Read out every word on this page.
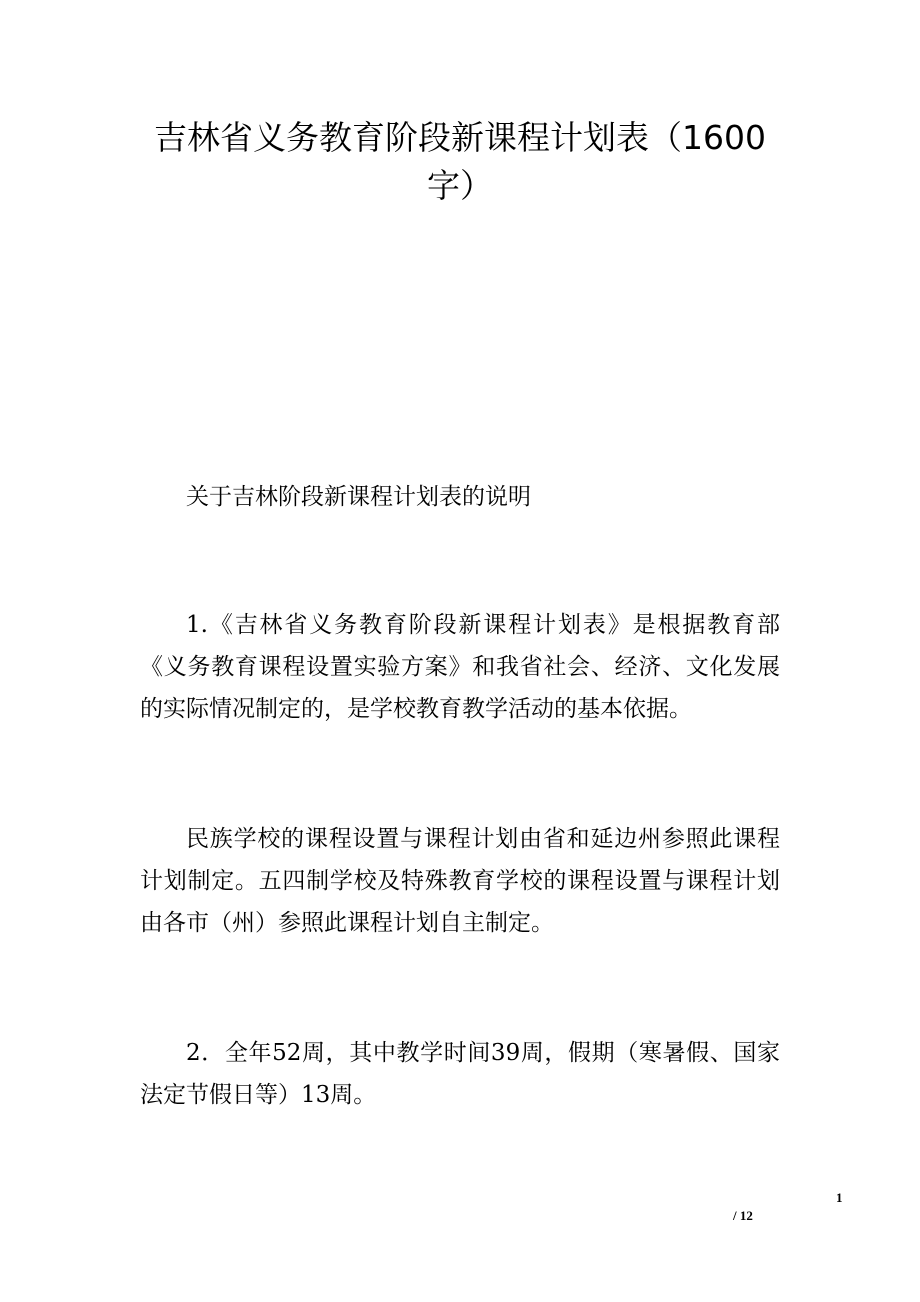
吉林省义务教育阶段新课程计划表（1600字）

关于吉林阶段新课程计划表的说明

1.《吉林省义务教育阶段新课程计划表》是根据教育部《义务教育课程设置实验方案》和我省社会、经济、文化发展的实际情况制定的，是学校教育教学活动的基本依据。

民族学校的课程设置与课程计划由省和延边州参照此课程计划制定。五四制学校及特殊教育学校的课程设置与课程计划由各市（州）参照此课程计划自主制定。

2．全年52周，其中教学时间39周，假期（寒暑假、国家法定节假日等）13周。

1
/ 12
